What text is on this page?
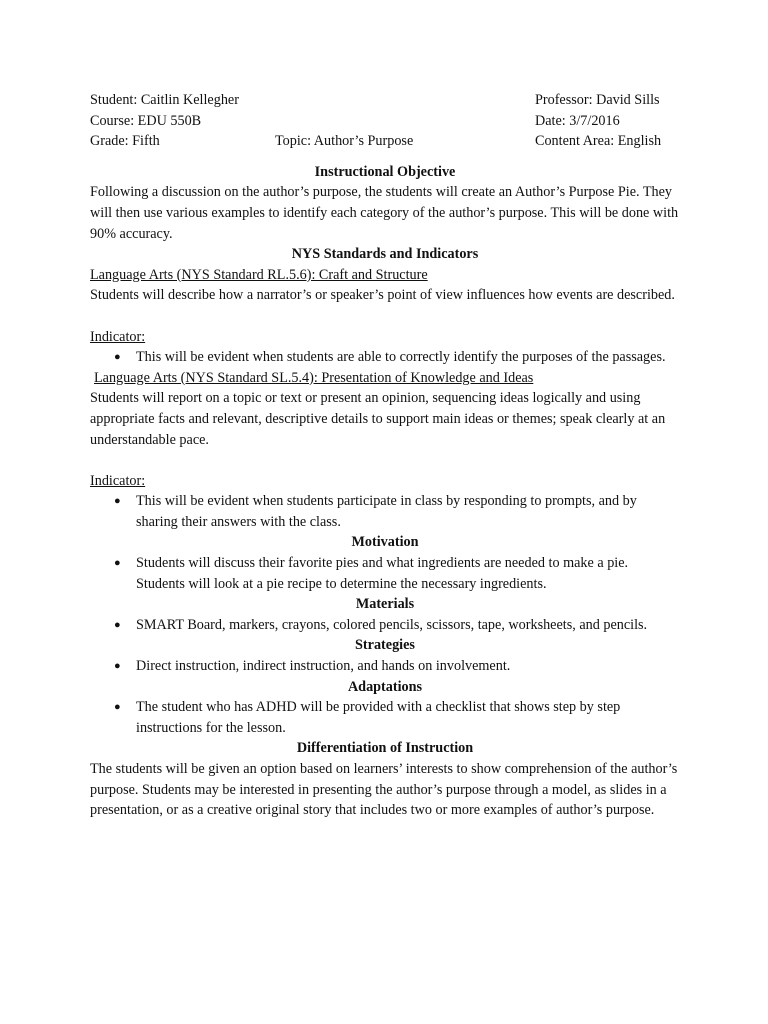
Student: Caitlin Kellegher	Professor: David Sills
Course: EDU 550B	Date: 3/7/2016
Grade: Fifth	Topic: Author’s Purpose	Content Area: English
Instructional Objective

Following a discussion on the author’s purpose, the students will create an Author’s Purpose Pie. They will then use various examples to identify each category of the author’s purpose. This will be done with 90% accuracy.

NYS Standards and Indicators
Language Arts (NYS Standard RL.5.6): Craft and Structure

Students will describe how a narrator’s or speaker’s point of view influences how events are described.

Indicator:
● This will be evident when students are able to correctly identify the purposes of the passages.
Language Arts (NYS Standard SL.5.4): Presentation of Knowledge and Ideas

Students will report on a topic or text or present an opinion, sequencing ideas logically and using appropriate facts and relevant, descriptive details to support main ideas or themes; speak clearly at an understandable pace.

Indicator:
● This will be evident when students participate in class by responding to prompts, and by sharing their answers with the class.
Motivation
● Students will discuss their favorite pies and what ingredients are needed to make a pie. Students will look at a pie recipe to determine the necessary ingredients.
Materials
● SMART Board, markers, crayons, colored pencils, scissors, tape, worksheets, and pencils.
Strategies
● Direct instruction, indirect instruction, and hands on involvement.
Adaptations
● The student who has ADHD will be provided with a checklist that shows step by step instructions for the lesson.
Differentiation of Instruction

The students will be given an option based on learners’ interests to show comprehension of the author’s purpose. Students may be interested in presenting the author’s purpose through a model, as slides in a presentation, or as a creative original story that includes two or more examples of author’s purpose.
